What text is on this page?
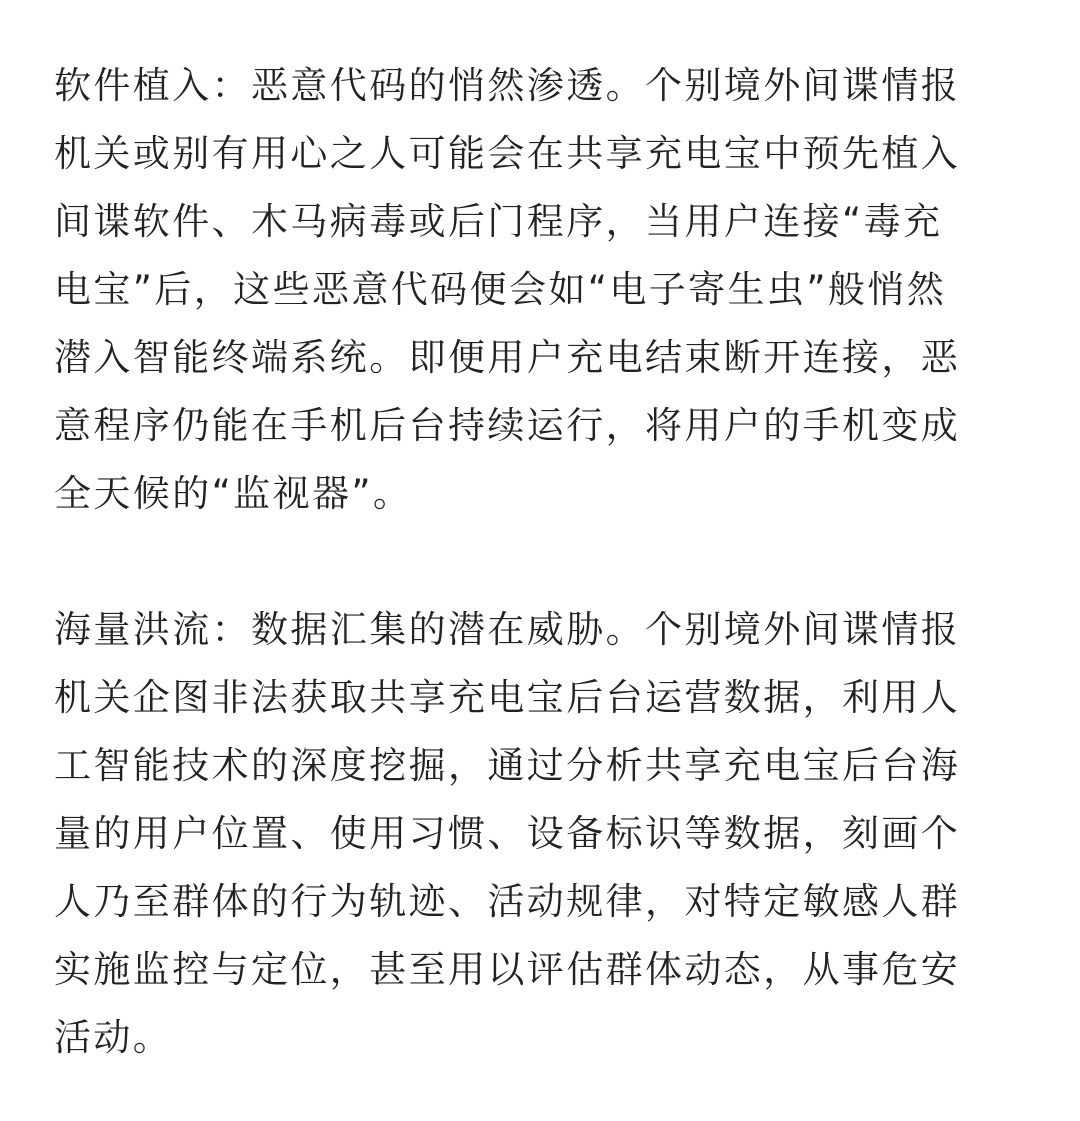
软件植入：恶意代码的悄然渗透。个别境外间谍情报
机关或别有用心之人可能会在共享充电宝中预先植入
间谍软件、木马病毒或后门程序，当用户连接“毒充
电宝”后，这些恶意代码便会如“电子寄生虫”般悄然
潜入智能终端系统。即便用户充电结束断开连接，恶
意程序仍能在手机后台持续运行，将用户的手机变成
全天候的“监视器”。

海量洪流：数据汇集的潜在威胁。个别境外间谍情报
机关企图非法获取共享充电宝后台运营数据，利用人
工智能技术的深度挖掘，通过分析共享充电宝后台海
量的用户位置、使用习惯、设备标识等数据，刻画个
人乃至群体的行为轨迹、活动规律，对特定敏感人群
实施监控与定位，甚至用以评估群体动态，从事危安
活动。
